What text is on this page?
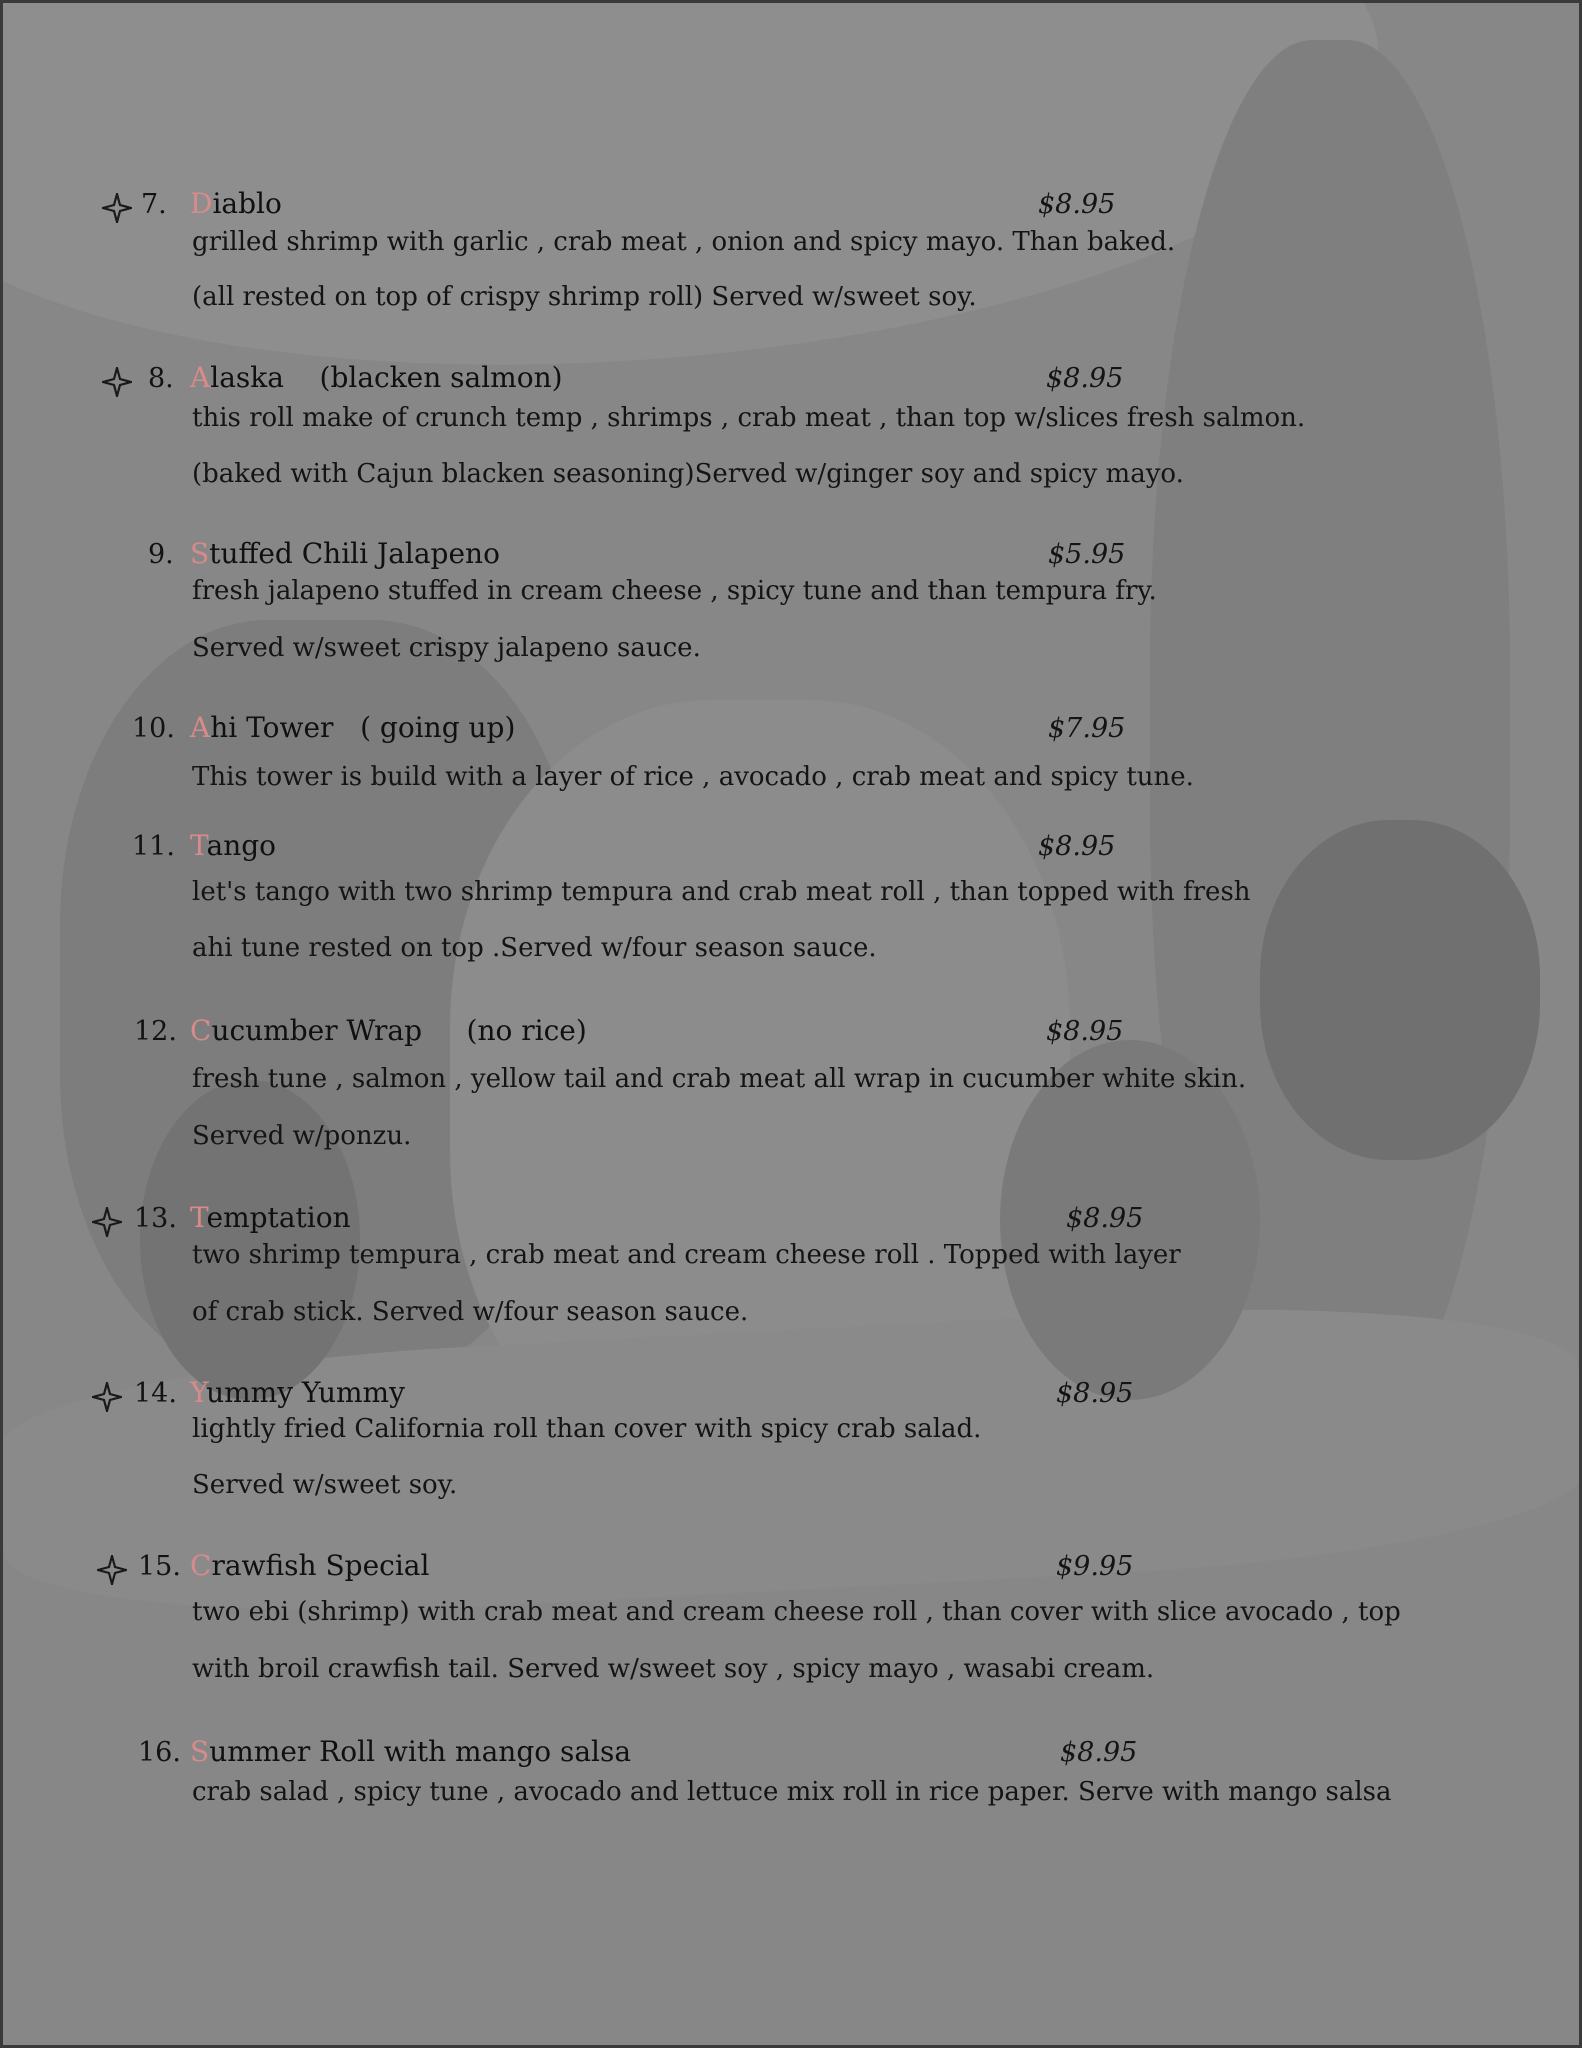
7. Diablo	$8.95
grilled shrimp with garlic , crab meat , onion and spicy mayo. Than baked.
(all rested on top of crispy shrimp roll) Served w/sweet soy.
8. Alaska    (blacken salmon)	$8.95
this roll make of crunch temp , shrimps , crab meat , than top w/slices fresh salmon.
(baked with Cajun blacken seasoning)Served w/ginger soy and spicy mayo.
9. Stuffed Chili Jalapeno	$5.95
fresh jalapeno stuffed in cream cheese , spicy tune and than tempura fry.
Served w/sweet crispy jalapeno sauce.
10. Ahi Tower   ( going up)	$7.95
This tower is build with a layer of rice , avocado , crab meat and spicy tune.
11. Tango	$8.95
let's tango with two shrimp tempura and crab meat roll , than topped with fresh
ahi tune rested on top .Served w/four season sauce.
12. Cucumber Wrap     (no rice)	$8.95
fresh tune , salmon , yellow tail and crab meat all wrap in cucumber white skin.
Served w/ponzu.
13. Temptation	$8.95
two shrimp tempura , crab meat and cream cheese roll . Topped with layer
of crab stick. Served w/four season sauce.
14. Yummy Yummy	$8.95
lightly fried California roll than cover with spicy crab salad.
Served w/sweet soy.
15. Crawfish Special	$9.95
two ebi (shrimp) with crab meat and cream cheese roll , than cover with slice avocado , top
with broil crawfish tail. Served w/sweet soy , spicy mayo , wasabi cream.
16. Summer Roll with mango salsa	$8.95
crab salad , spicy tune , avocado and lettuce mix roll in rice paper. Serve with mango salsa
